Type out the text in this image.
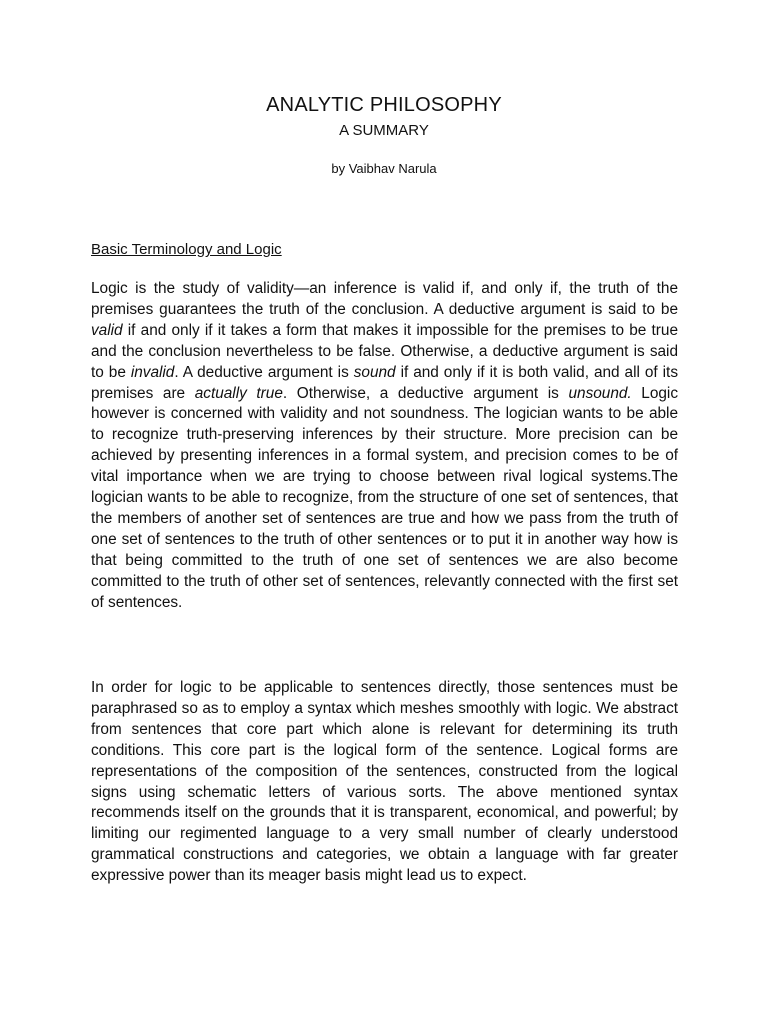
ANALYTIC PHILOSOPHY
A SUMMARY
by Vaibhav Narula
Basic Terminology and Logic

Logic is the study of validity—an inference is valid if, and only if, the truth of the premises guarantees the truth of the conclusion. A deductive argument is said to be valid if and only if it takes a form that makes it impossible for the premises to be true and the conclusion nevertheless to be false. Otherwise, a deductive argument is said to be invalid. A deductive argument is sound if and only if it is both valid, and all of its premises are actually true. Otherwise, a deductive argument is unsound. Logic however is concerned with validity and not soundness. The logician wants to be able to recognize truth-preserving inferences by their structure. More precision can be achieved by presenting inferences in a formal system, and precision comes to be of vital importance when we are trying to choose between rival logical systems.The logician wants to be able to recognize, from the structure of one set of sentences, that the members of another set of sentences are true and how we pass from the truth of one set of sentences to the truth of other sentences or to put it in another way how is that being committed to the truth of one set of sentences we are also become committed to the truth of other set of sentences, relevantly connected with the first set of sentences.

In order for logic to be applicable to sentences directly, those sentences must be paraphrased so as to employ a syntax which meshes smoothly with logic. We abstract from sentences that core part which alone is relevant for determining its truth conditions. This core part is the logical form of the sentence. Logical forms are representations of the composition of the sentences, constructed from the logical signs using schematic letters of various sorts. The above mentioned syntax recommends itself on the grounds that it is transparent, economical, and powerful; by limiting our regimented language to a very small number of clearly understood grammatical constructions and categories, we obtain a language with far greater expressive power than its meager basis might lead us to expect.
